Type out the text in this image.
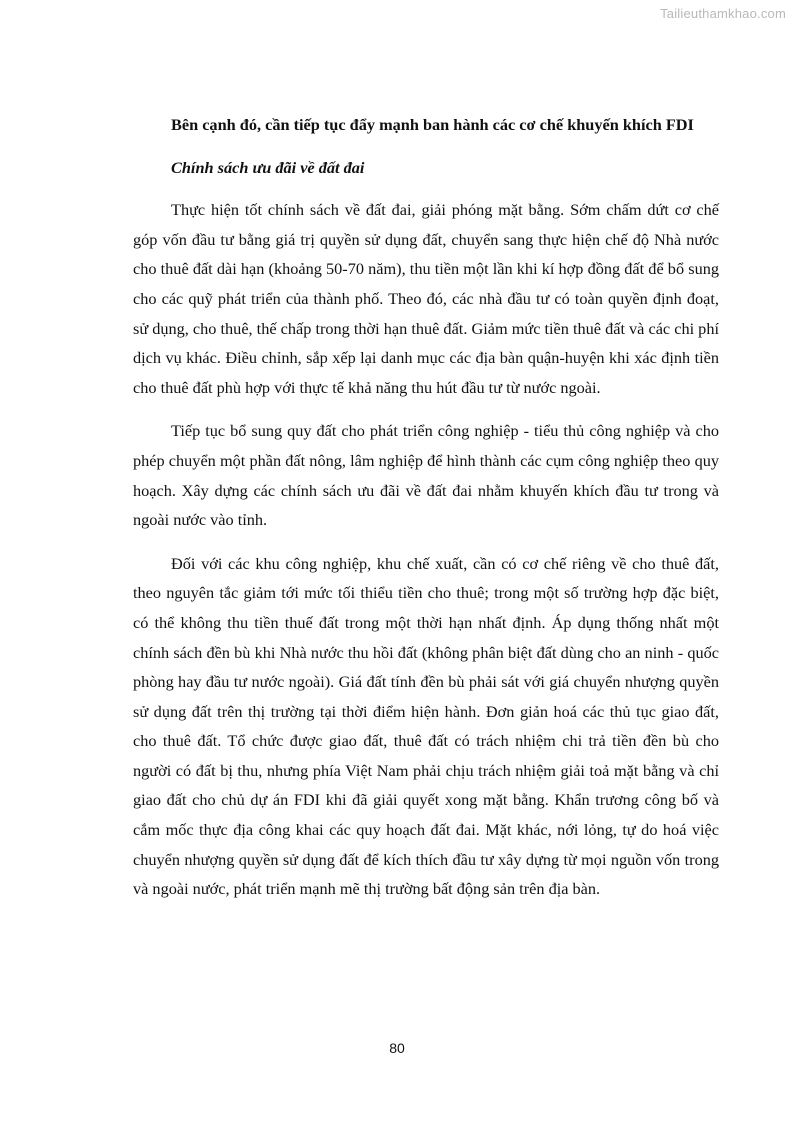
Tailieuthamkhao.com

Bên cạnh đó, cần tiếp tục đẩy mạnh ban hành các cơ chế khuyến khích FDI

Chính sách ưu đãi về đất đai

Thực hiện tốt chính sách về đất đai, giải phóng mặt bằng. Sớm chấm dứt cơ chế góp vốn đầu tư bằng giá trị quyền sử dụng đất, chuyển sang thực hiện chế độ Nhà nước cho thuê đất dài hạn (khoảng 50-70 năm), thu tiền một lần khi kí hợp đồng đất để bổ sung cho các quỹ phát triển của thành phố. Theo đó, các nhà đầu tư có toàn quyền định đoạt, sử dụng, cho thuê, thế chấp trong thời hạn thuê đất. Giảm mức tiền thuê đất và các chi phí dịch vụ khác. Điều chỉnh, sắp xếp lại danh mục các địa bàn quận-huyện khi xác định tiền cho thuê đất phù hợp với thực tế khả năng thu hút đầu tư từ nước ngoài.

Tiếp tục bổ sung quy đất cho phát triển công nghiệp - tiểu thủ công nghiệp và cho phép chuyển một phần đất nông, lâm nghiệp để hình thành các cụm công nghiệp theo quy hoạch. Xây dựng các chính sách ưu đãi về đất đai nhằm khuyến khích đầu tư trong và ngoài nước vào tỉnh.

Đối với các khu công nghiệp, khu chế xuất, cần có cơ chế riêng về cho thuê đất, theo nguyên tắc giảm tới mức tối thiểu tiền cho thuê; trong một số trường hợp đặc biệt, có thể không thu tiền thuế đất trong một thời hạn nhất định. Áp dụng thống nhất một chính sách đền bù khi Nhà nước thu hồi đất (không phân biệt đất dùng cho an ninh - quốc phòng hay đầu tư nước ngoài). Giá đất tính đền bù phải sát với giá chuyển nhượng quyền sử dụng đất trên thị trường tại thời điểm hiện hành. Đơn giản hoá các thủ tục giao đất, cho thuê đất. Tổ chức được giao đất, thuê đất có trách nhiệm chi trả tiền đền bù cho người có đất bị thu, nhưng phía Việt Nam phải chịu trách nhiệm giải toả mặt bằng và chỉ giao đất cho chủ dự án FDI khi đã giải quyết xong mặt bằng. Khẩn trương công bố và cắm mốc thực địa công khai các quy hoạch đất đai. Mặt khác, nới lỏng, tự do hoá việc chuyển nhượng quyền sử dụng đất để kích thích đầu tư xây dựng từ mọi nguồn vốn trong và ngoài nước, phát triển mạnh mẽ thị trường bất động sản trên địa bàn.

80
